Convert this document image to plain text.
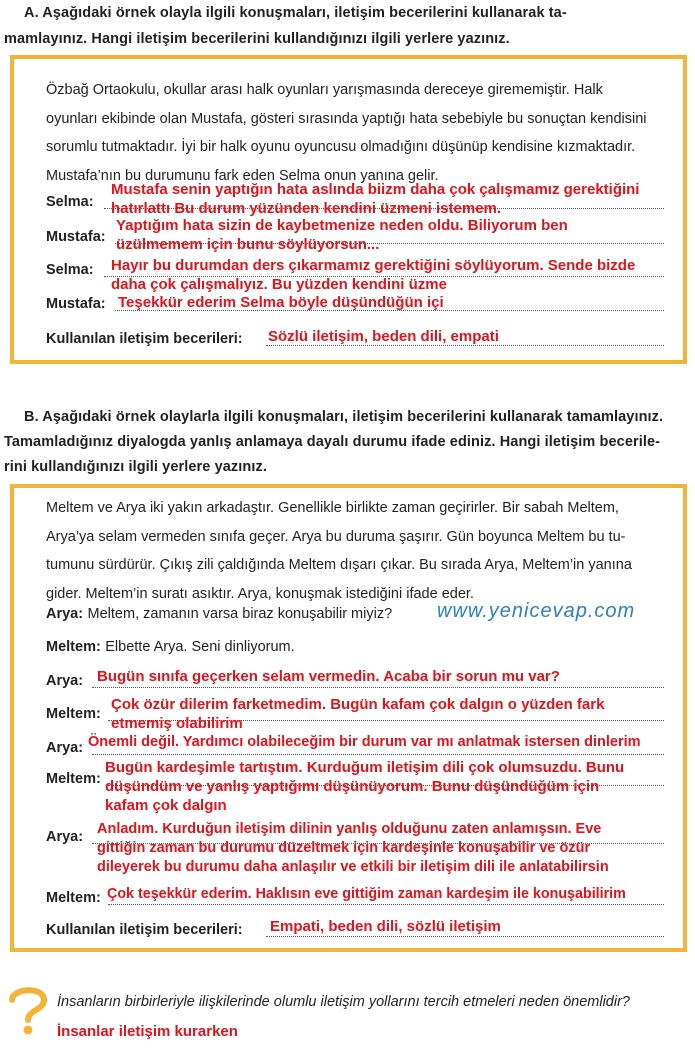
A. Aşağıdaki örnek olayla ilgili konuşmaları, iletişim becerilerini kullanarak ta-
mamlayınız. Hangi iletişim becerilerini kullandığınızı ilgili yerlere yazınız.
Özbağ Ortaokulu, okullar arası halk oyunları yarışmasında dereceye girememiştir. Halk
oyunları ekibinde olan Mustafa, gösteri sırasında yaptığı hata sebebiyle bu sonuçtan kendisini
sorumlu tutmaktadır. İyi bir halk oyunu oyuncusu olmadığını düşünüp kendisine kızmaktadır.
Mustafa’nın bu durumunu fark eden Selma onun yanına gelir.
Selma:
Mustafa senin yaptığın hata aslında biizm daha çok çalışmamız gerektiğini
hatırlattı Bu durum yüzünden kendini üzmeni istemem.
Mustafa:
Yaptığım hata sizin de kaybetmenize neden oldu. Biliyorum ben
üzülmemem için bunu söylüyorsun...
Selma: Hayır bu durumdan ders çıkarmamız gerektiğini söylüyorum. Sende bizde
daha çok çalışmalıyız. Bu yüzden kendini üzme
Mustafa: Teşekkür ederim Selma böyle düşündüğün içi
Kullanılan iletişim becerileri: Sözlü iletişim, beden dili, empati
B. Aşağıdaki örnek olaylarla ilgili konuşmaları, iletişim becerilerini kullanarak tamamlayınız.
Tamamladığınız diyalogda yanlış anlamaya dayalı durumu ifade ediniz. Hangi iletişim becerile-
rini kullandığınızı ilgili yerlere yazınız.
Meltem ve Arya iki yakın arkadaştır. Genellikle birlikte zaman geçirirler. Bir sabah Meltem,
Arya’ya selam vermeden sınıfa geçer. Arya bu duruma şaşırır. Gün boyunca Meltem bu tu-
tumunu sürdürür. Çıkış zili çaldığında Meltem dışarı çıkar. Bu sırada Arya, Meltem’in yanına
gider. Meltem’in suratı asıktır. Arya, konuşmak istediğini ifade eder.
Arya: Meltem, zamanın varsa biraz konuşabilir miyiz? www.yenicevap.com
Meltem: Elbette Arya. Seni dinliyorum.
Arya: Bugün sınıfa geçerken selam vermedin. Acaba bir sorun mu var?
Meltem:
Çok özür dilerim farketmedim. Bugün kafam çok dalgın o yüzden fark
etmemiş olabilirim
Arya: Önemli değil. Yardımcı olabileceğim bir durum var mı anlatmak istersen dinlerim
Meltem:
Bugün kardeşimle tartıştım. Kurduğum iletişim dili çok olumsuzdu. Bunu
düşündüm ve yanlış yaptığımı düşünüyorum. Bunu düşündüğüm için
kafam çok dalgın
Arya: Anladım. Kurduğun iletişim dilinin yanlış olduğunu zaten anlamışsın. Eve
gittiğin zaman bu durumu düzeltmek için kardeşinle konuşabilir ve özür
dileyerek bu durumu daha anlaşılır ve etkili bir iletişim dili ile anlatabilirsin
Meltem: Çok teşekkür ederim. Haklısın eve gittiğim zaman kardeşim ile konuşabilirim
Kullanılan iletişim becerileri: Empati, beden dili, sözlü iletişim
İnsanların birbirleriyle ilişkilerinde olumlu iletişim yollarını tercih etmeleri neden önemlidir?
İnsanlar iletişim kurarken
